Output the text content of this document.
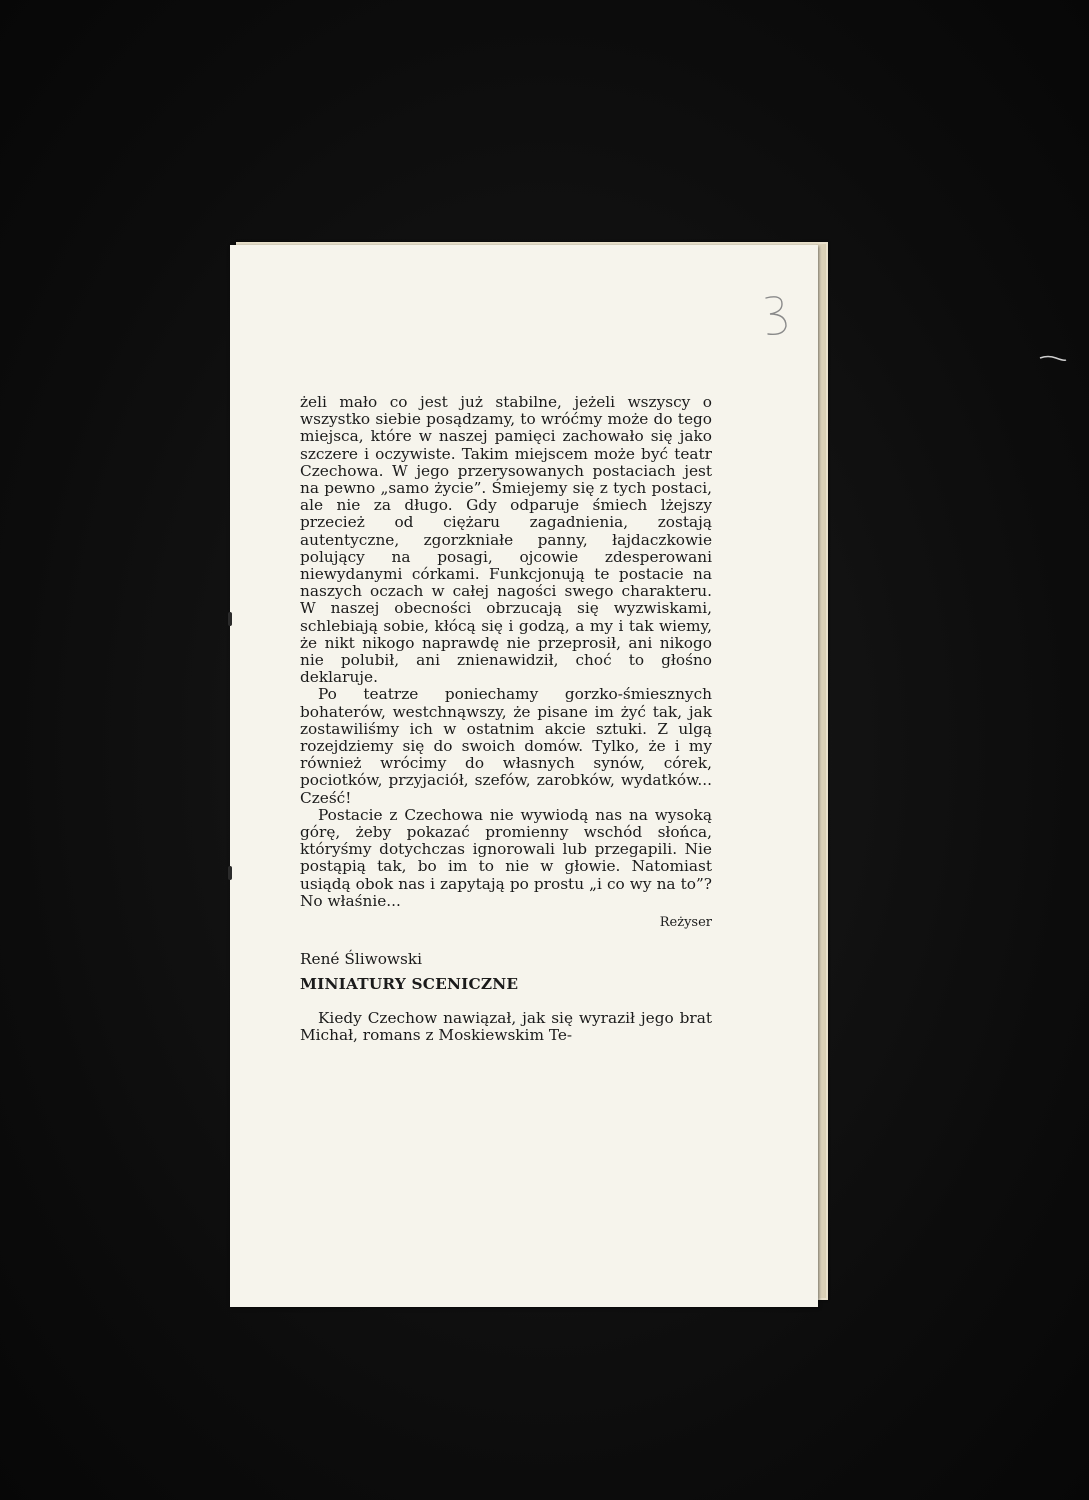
żeli mało co jest już stabilne, jeżeli wszyscy o wszystko siebie posądzamy, to wróćmy może do tego miejsca, które w naszej pamięci zachowało się jako szczere i oczywiste. Takim miejscem może być teatr Czechowa. W jego przerysowanych postaciach jest na pewno „samo życie”. Śmiejemy się z tych postaci, ale nie za długo. Gdy odparuje śmiech lżejszy przecież od ciężaru zagadnienia, zostają autentyczne, zgorzkniałe panny, łajdaczkowie polujący na posagi, ojcowie zdesperowani niewydanymi córkami. Funkcjonują te postacie na naszych oczach w całej nagości swego charakteru. W naszej obecności obrzucają się wyzwiskami, schlebiają sobie, kłócą się i godzą, a my i tak wiemy, że nikt nikogo naprawdę nie przeprosił, ani nikogo nie polubił, ani znienawidził, choć to głośno deklaruje.

Po teatrze poniechamy gorzko-śmiesznych bohaterów, westchnąwszy, że pisane im żyć tak, jak zostawiliśmy ich w ostatnim akcie sztuki. Z ulgą rozejdziemy się do swoich domów. Tylko, że i my również wrócimy do własnych synów, córek, pociotków, przyjaciół, szefów, zarobków, wydatków... Cześć!

Postacie z Czechowa nie wywiodą nas na wysoką górę, żeby pokazać promienny wschód słońca, któryśmy dotychczas ignorowali lub przegapili. Nie postąpią tak, bo im to nie w głowie. Natomiast usiądą obok nas i zapytają po prostu „i co wy na to”? No właśnie...

Reżyser

René Śliwowski

MINIATURY SCENICZNE

Kiedy Czechow nawiązał, jak się wyraził jego brat Michał, romans z Moskiewskim Te-
